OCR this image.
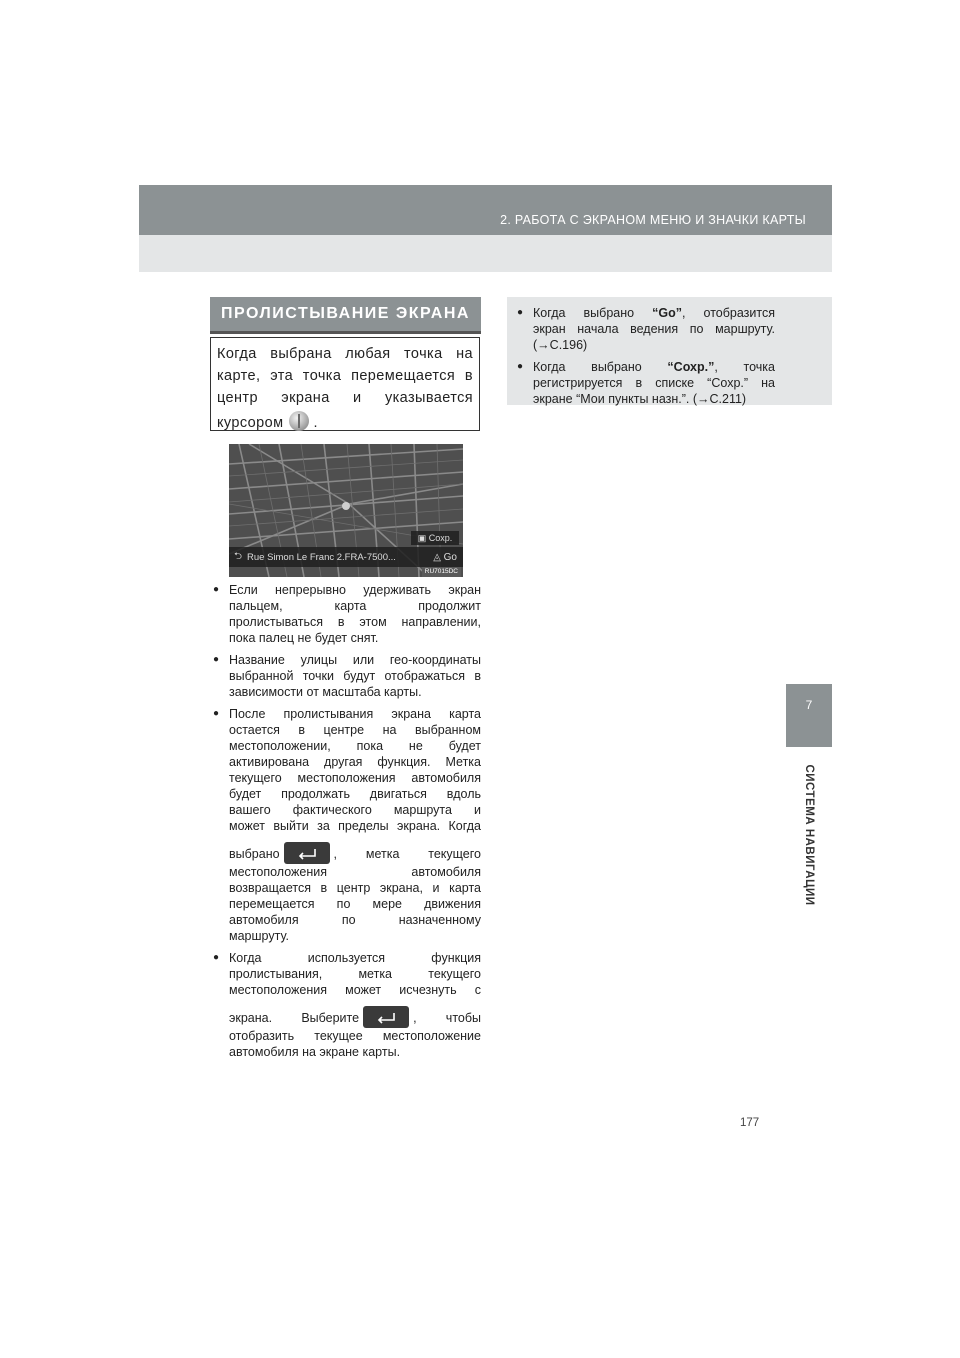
2. РАБОТА С ЭКРАНОМ МЕНЮ И ЗНАЧКИ КАРТЫ
7
СИСТЕМА НАВИГАЦИИ
ПРОЛИСТЫВАНИЕ ЭКРАНА
Когда выбрана любая точка на
карте, эта точка перемещается в
центр экрана и указывается
курсором .
▣ Coxp.
⮌ Rue Simon Le Franc 2.FRA-7500...	◬ Go
RU7015DC
● Если непрерывно удерживать экран
пальцем, карта продолжит
пролистываться в этом направлении,
пока палец не будет снят.
● Название улицы или гео-координаты
выбранной точки будут отображаться в
зависимости от масштаба карты.
● После пролистывания экрана карта
остается в центре на выбранном
местоположении, пока не будет
активирована другая функция. Метка
текущего местоположения автомобиля
будет продолжать двигаться вдоль
вашего фактического маршрута и
может выйти за пределы экрана. Когда
выбрано	, метка текущего
местоположения автомобиля
возвращается в центр экрана, и карта
перемещается по мере движения
автомобиля по назначенному
маршруту.
● Когда используется функция
пролистывания, метка текущего
местоположения может исчезнуть с
экрана. Выберите	, чтобы
отобразить текущее местоположение
автомобиля на экране карты.
● Когда выбрано “Go”, отобразится
экран начала ведения по маршруту.
(→С.196)
● Когда выбрано “Сохр.”, точка
регистрируется в списке “Сохр.” на
экране “Мои пункты назн.”. (→С.211)
177
